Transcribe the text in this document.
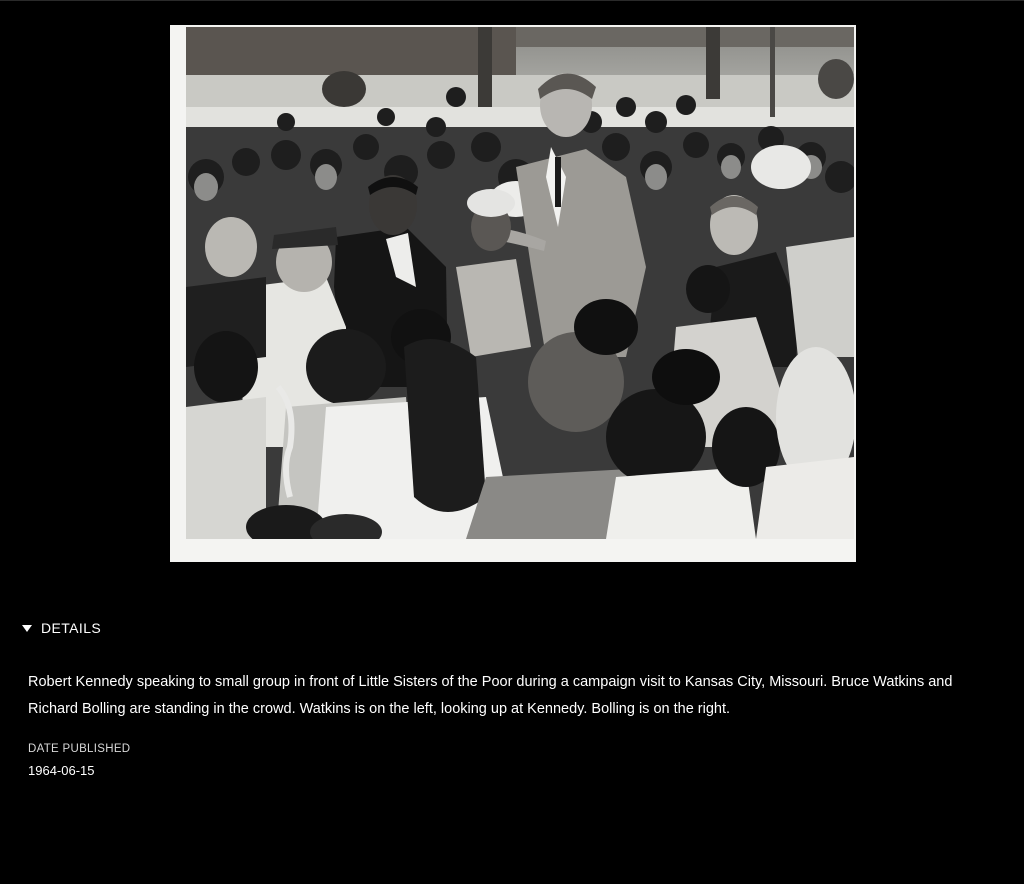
DETAILS
Robert Kennedy speaking to small group in front of Little Sisters of the Poor during a campaign visit to Kansas City, Missouri. Bruce Watkins and Richard Bolling are standing in the crowd. Watkins is on the left, looking up at Kennedy. Bolling is on the right.
DATE PUBLISHED
1964-06-15
